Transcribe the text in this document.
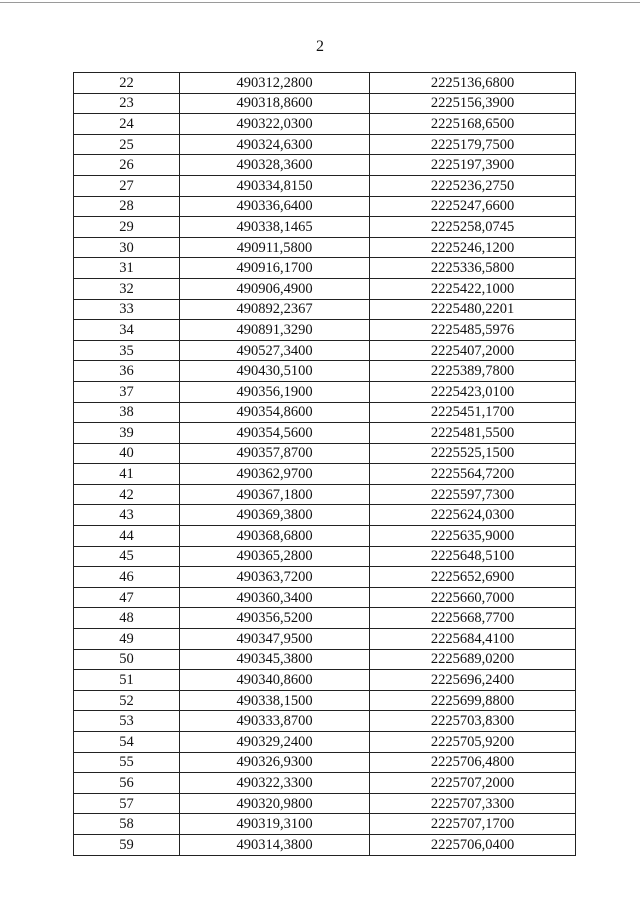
2
22	490312,2800	2225136,6800
23	490318,8600	2225156,3900
24	490322,0300	2225168,6500
25	490324,6300	2225179,7500
26	490328,3600	2225197,3900
27	490334,8150	2225236,2750
28	490336,6400	2225247,6600
29	490338,1465	2225258,0745
30	490911,5800	2225246,1200
31	490916,1700	2225336,5800
32	490906,4900	2225422,1000
33	490892,2367	2225480,2201
34	490891,3290	2225485,5976
35	490527,3400	2225407,2000
36	490430,5100	2225389,7800
37	490356,1900	2225423,0100
38	490354,8600	2225451,1700
39	490354,5600	2225481,5500
40	490357,8700	2225525,1500
41	490362,9700	2225564,7200
42	490367,1800	2225597,7300
43	490369,3800	2225624,0300
44	490368,6800	2225635,9000
45	490365,2800	2225648,5100
46	490363,7200	2225652,6900
47	490360,3400	2225660,7000
48	490356,5200	2225668,7700
49	490347,9500	2225684,4100
50	490345,3800	2225689,0200
51	490340,8600	2225696,2400
52	490338,1500	2225699,8800
53	490333,8700	2225703,8300
54	490329,2400	2225705,9200
55	490326,9300	2225706,4800
56	490322,3300	2225707,2000
57	490320,9800	2225707,3300
58	490319,3100	2225707,1700
59	490314,3800	2225706,0400
